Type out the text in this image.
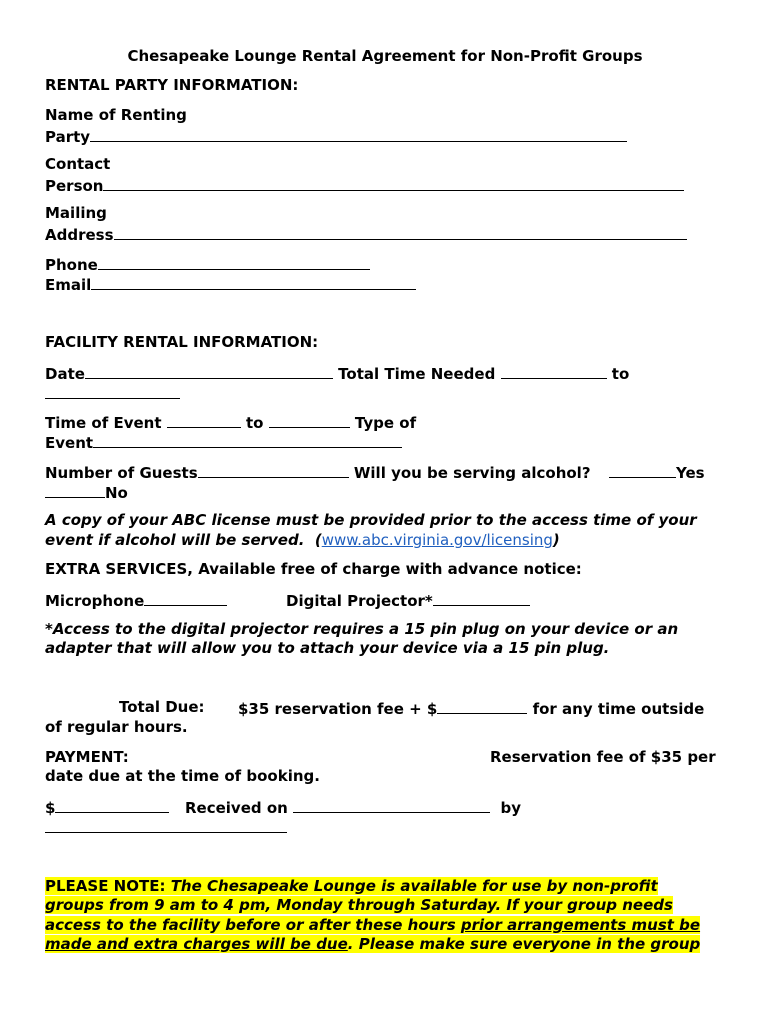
Chesapeake Lounge Rental Agreement for Non-Profit Groups
RENTAL PARTY INFORMATION:
Name of Renting
Party
Contact
Person
Mailing
Address
Phone
Email
FACILITY RENTAL INFORMATION:
Date	Total Time Needed	to
Time of Event	to	Type of
Event
Number of Guests	Will you be serving alcohol?	Yes
No
A copy of your ABC license must be provided prior to the access time of your
event if alcohol will be served. (www.abc.virginia.gov/licensing)
EXTRA SERVICES, Available free of charge with advance notice:
Microphone	Digital Projector*
*Access to the digital projector requires a 15 pin plug on your device or an
adapter that will allow you to attach your device via a 15 pin plug.
Total Due: $35 reservation fee + $	for any time outside
of regular hours.
PAYMENT:	Reservation fee of $35 per
date due at the time of booking.
$	Received on	by
PLEASE NOTE: The Chesapeake Lounge is available for use by non-profit
groups from 9 am to 4 pm, Monday through Saturday. If your group needs
access to the facility before or after these hours prior arrangements must be
made and extra charges will be due. Please make sure everyone in the group
